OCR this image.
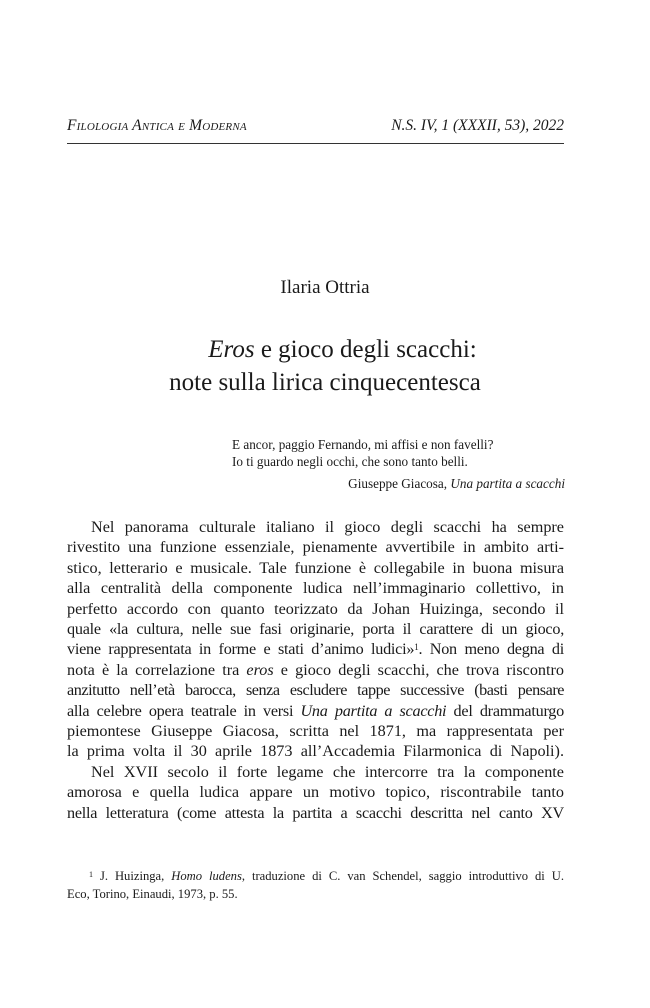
Filologia Antica e Moderna	N.S. IV, 1 (XXXII, 53), 2022
Ilaria Ottria
Eros e gioco degli scacchi:
note sulla lirica cinquecentesca
E ancor, paggio Fernando, mi affisi e non favelli?
Io ti guardo negli occhi, che sono tanto belli.
Giuseppe Giacosa, Una partita a scacchi
Nel panorama culturale italiano il gioco degli scacchi ha sempre
rivestito una funzione essenziale, pienamente avvertibile in ambito arti-
stico, letterario e musicale. Tale funzione è collegabile in buona misura
alla centralità della componente ludica nell’immaginario collettivo, in
perfetto accordo con quanto teorizzato da Johan Huizinga, secondo il
quale «la cultura, nelle sue fasi originarie, porta il carattere di un gioco,
viene rappresentata in forme e stati d’animo ludici»$^1$. Non meno degna di
nota è la correlazione tra eros e gioco degli scacchi, che trova riscontro
anzitutto nell’età barocca, senza escludere tappe successive (basti pensare
alla celebre opera teatrale in versi Una partita a scacchi del drammaturgo
piemontese Giuseppe Giacosa, scritta nel 1871, ma rappresentata per
la prima volta il 30 aprile 1873 all’Accademia Filarmonica di Napoli).
Nel XVII secolo il forte legame che intercorre tra la componente
amorosa e quella ludica appare un motivo topico, riscontrabile tanto
nella letteratura (come attesta la partita a scacchi descritta nel canto XV
$^1$ J. Huizinga, Homo ludens, traduzione di C. van Schendel, saggio introduttivo di U.
Eco, Torino, Einaudi, 1973, p. 55.
